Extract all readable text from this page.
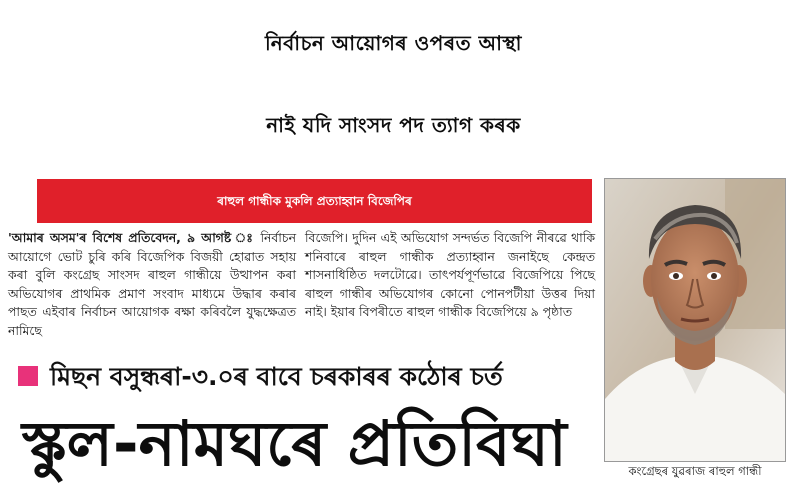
নিৰ্বাচন আয়োগৰ ওপৰত আস্থা
নাই যদি সাংসদ পদ ত্যাগ কৰক
ৰাহুল গান্ধীক মুকলি প্ৰত্যাহ্বান বিজেপিৰ

'আমাৰ অসম'ৰ বিশেষ প্ৰতিবেদন, ৯ আগষ্ট ঃ নিৰ্বাচন আয়োগে ভোট চুৰি কৰি বিজেপিক বিজয়ী হোৱাত সহায় কৰা বুলি কংগ্ৰেছ সাংসদ ৰাহুল গান্ধীয়ে উত্থাপন কৰা অভিযোগৰ প্ৰাথমিক প্ৰমাণ সংবাদ মাধ্যমে উদ্ধাৰ কৰাৰ পাছত এইবাৰ নিৰ্বাচন আয়োগক ৰক্ষা কৰিবলৈ যুদ্ধক্ষেত্ৰত নামিছে

বিজেপি। দুদিন এই অভিযোগ সন্দৰ্ভত বিজেপি নীৰৱে থাকি শনিবাৰে ৰাহুল গান্ধীক প্ৰত্যাহ্বান জনাইছে কেন্দ্ৰত শাসনাধিষ্ঠিত দলটোৱে। তাৎপৰ্যপূৰ্ণভাৱে বিজেপিয়ে পিছে ৰাহুল গান্ধীৰ অভিযোগৰ কোনো পোনপটীয়া উত্তৰ দিয়া নাই। ইয়াৰ বিপৰীতে ৰাহুল গান্ধীক বিজেপিয়ে ৯ পৃষ্ঠাত

কংগ্ৰেছৰ যুৱৰাজ ৰাহুল গান্ধী
মিছন বসুন্ধৰা-৩.০ৰ বাবে চৰকাৰৰ কঠোৰ চৰ্ত
স্কুল-নামঘৰে প্ৰতিবিঘা
